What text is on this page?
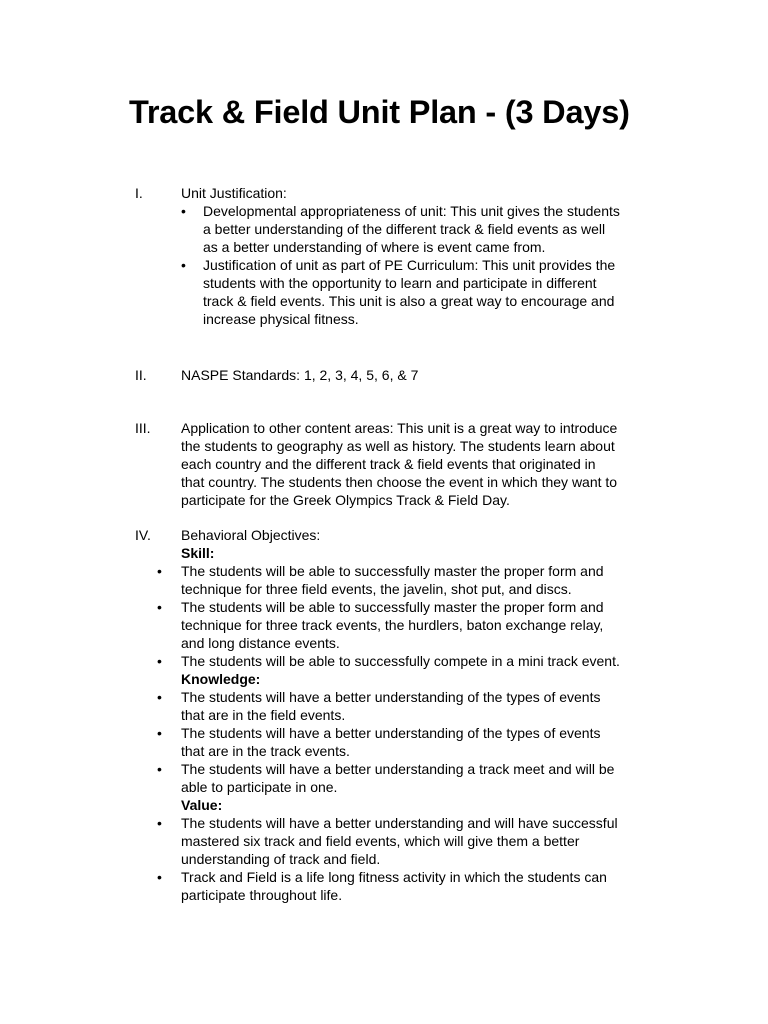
Track & Field Unit Plan - (3 Days)
I.	Unit Justification:
• Developmental appropriateness of unit: This unit gives the students
a better understanding of the different track & field events as well
as a better understanding of where is event came from.
• Justification of unit as part of PE Curriculum: This unit provides the
students with the opportunity to learn and participate in different
track & field events. This unit is also a great way to encourage and
increase physical fitness.
II. NASPE Standards: 1, 2, 3, 4, 5, 6, & 7
III. Application to other content areas: This unit is a great way to introduce
the students to geography as well as history. The students learn about
each country and the different track & field events that originated in
that country. The students then choose the event in which they want to
participate for the Greek Olympics Track & Field Day.
IV. Behavioral Objectives:
Skill:
• The students will be able to successfully master the proper form and
technique for three field events, the javelin, shot put, and discs.
• The students will be able to successfully master the proper form and
technique for three track events, the hurdlers, baton exchange relay,
and long distance events.
• The students will be able to successfully compete in a mini track event.
Knowledge:
• The students will have a better understanding of the types of events
that are in the field events.
• The students will have a better understanding of the types of events
that are in the track events.
• The students will have a better understanding a track meet and will be
able to participate in one.
Value:
• The students will have a better understanding and will have successful
mastered six track and field events, which will give them a better
understanding of track and field.
• Track and Field is a life long fitness activity in which the students can
participate throughout life.
